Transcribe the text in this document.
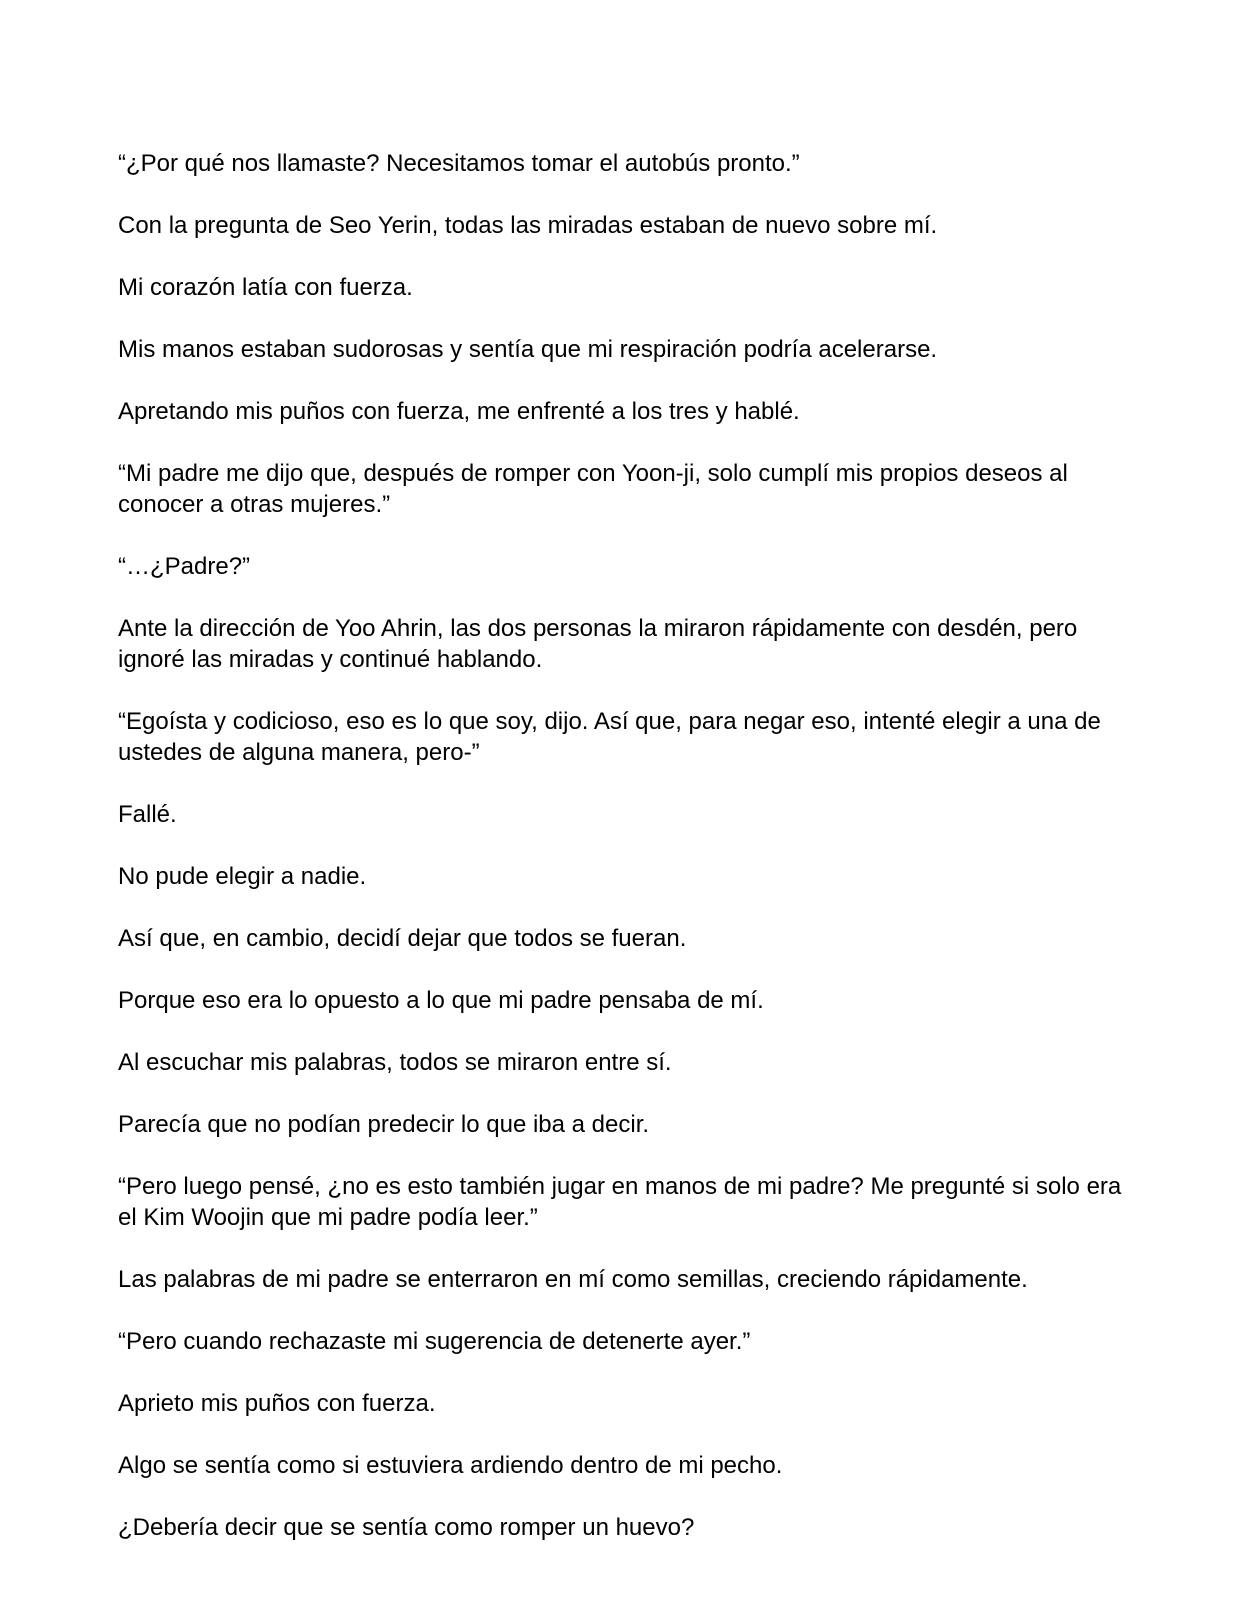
“¿Por qué nos llamaste? Necesitamos tomar el autobús pronto.”

Con la pregunta de Seo Yerin, todas las miradas estaban de nuevo sobre mí.

Mi corazón latía con fuerza.

Mis manos estaban sudorosas y sentía que mi respiración podría acelerarse.

Apretando mis puños con fuerza, me enfrenté a los tres y hablé.

“Mi padre me dijo que, después de romper con Yoon-ji, solo cumplí mis propios deseos al conocer a otras mujeres.”

“…¿Padre?”

Ante la dirección de Yoo Ahrin, las dos personas la miraron rápidamente con desdén, pero ignoré las miradas y continué hablando.

“Egoísta y codicioso, eso es lo que soy, dijo. Así que, para negar eso, intenté elegir a una de ustedes de alguna manera, pero-”

Fallé.

No pude elegir a nadie.

Así que, en cambio, decidí dejar que todos se fueran.

Porque eso era lo opuesto a lo que mi padre pensaba de mí.

Al escuchar mis palabras, todos se miraron entre sí.

Parecía que no podían predecir lo que iba a decir.

“Pero luego pensé, ¿no es esto también jugar en manos de mi padre? Me pregunté si solo era el Kim Woojin que mi padre podía leer.”

Las palabras de mi padre se enterraron en mí como semillas, creciendo rápidamente.

“Pero cuando rechazaste mi sugerencia de detenerte ayer.”

Aprieto mis puños con fuerza.

Algo se sentía como si estuviera ardiendo dentro de mi pecho.

¿Debería decir que se sentía como romper un huevo?
